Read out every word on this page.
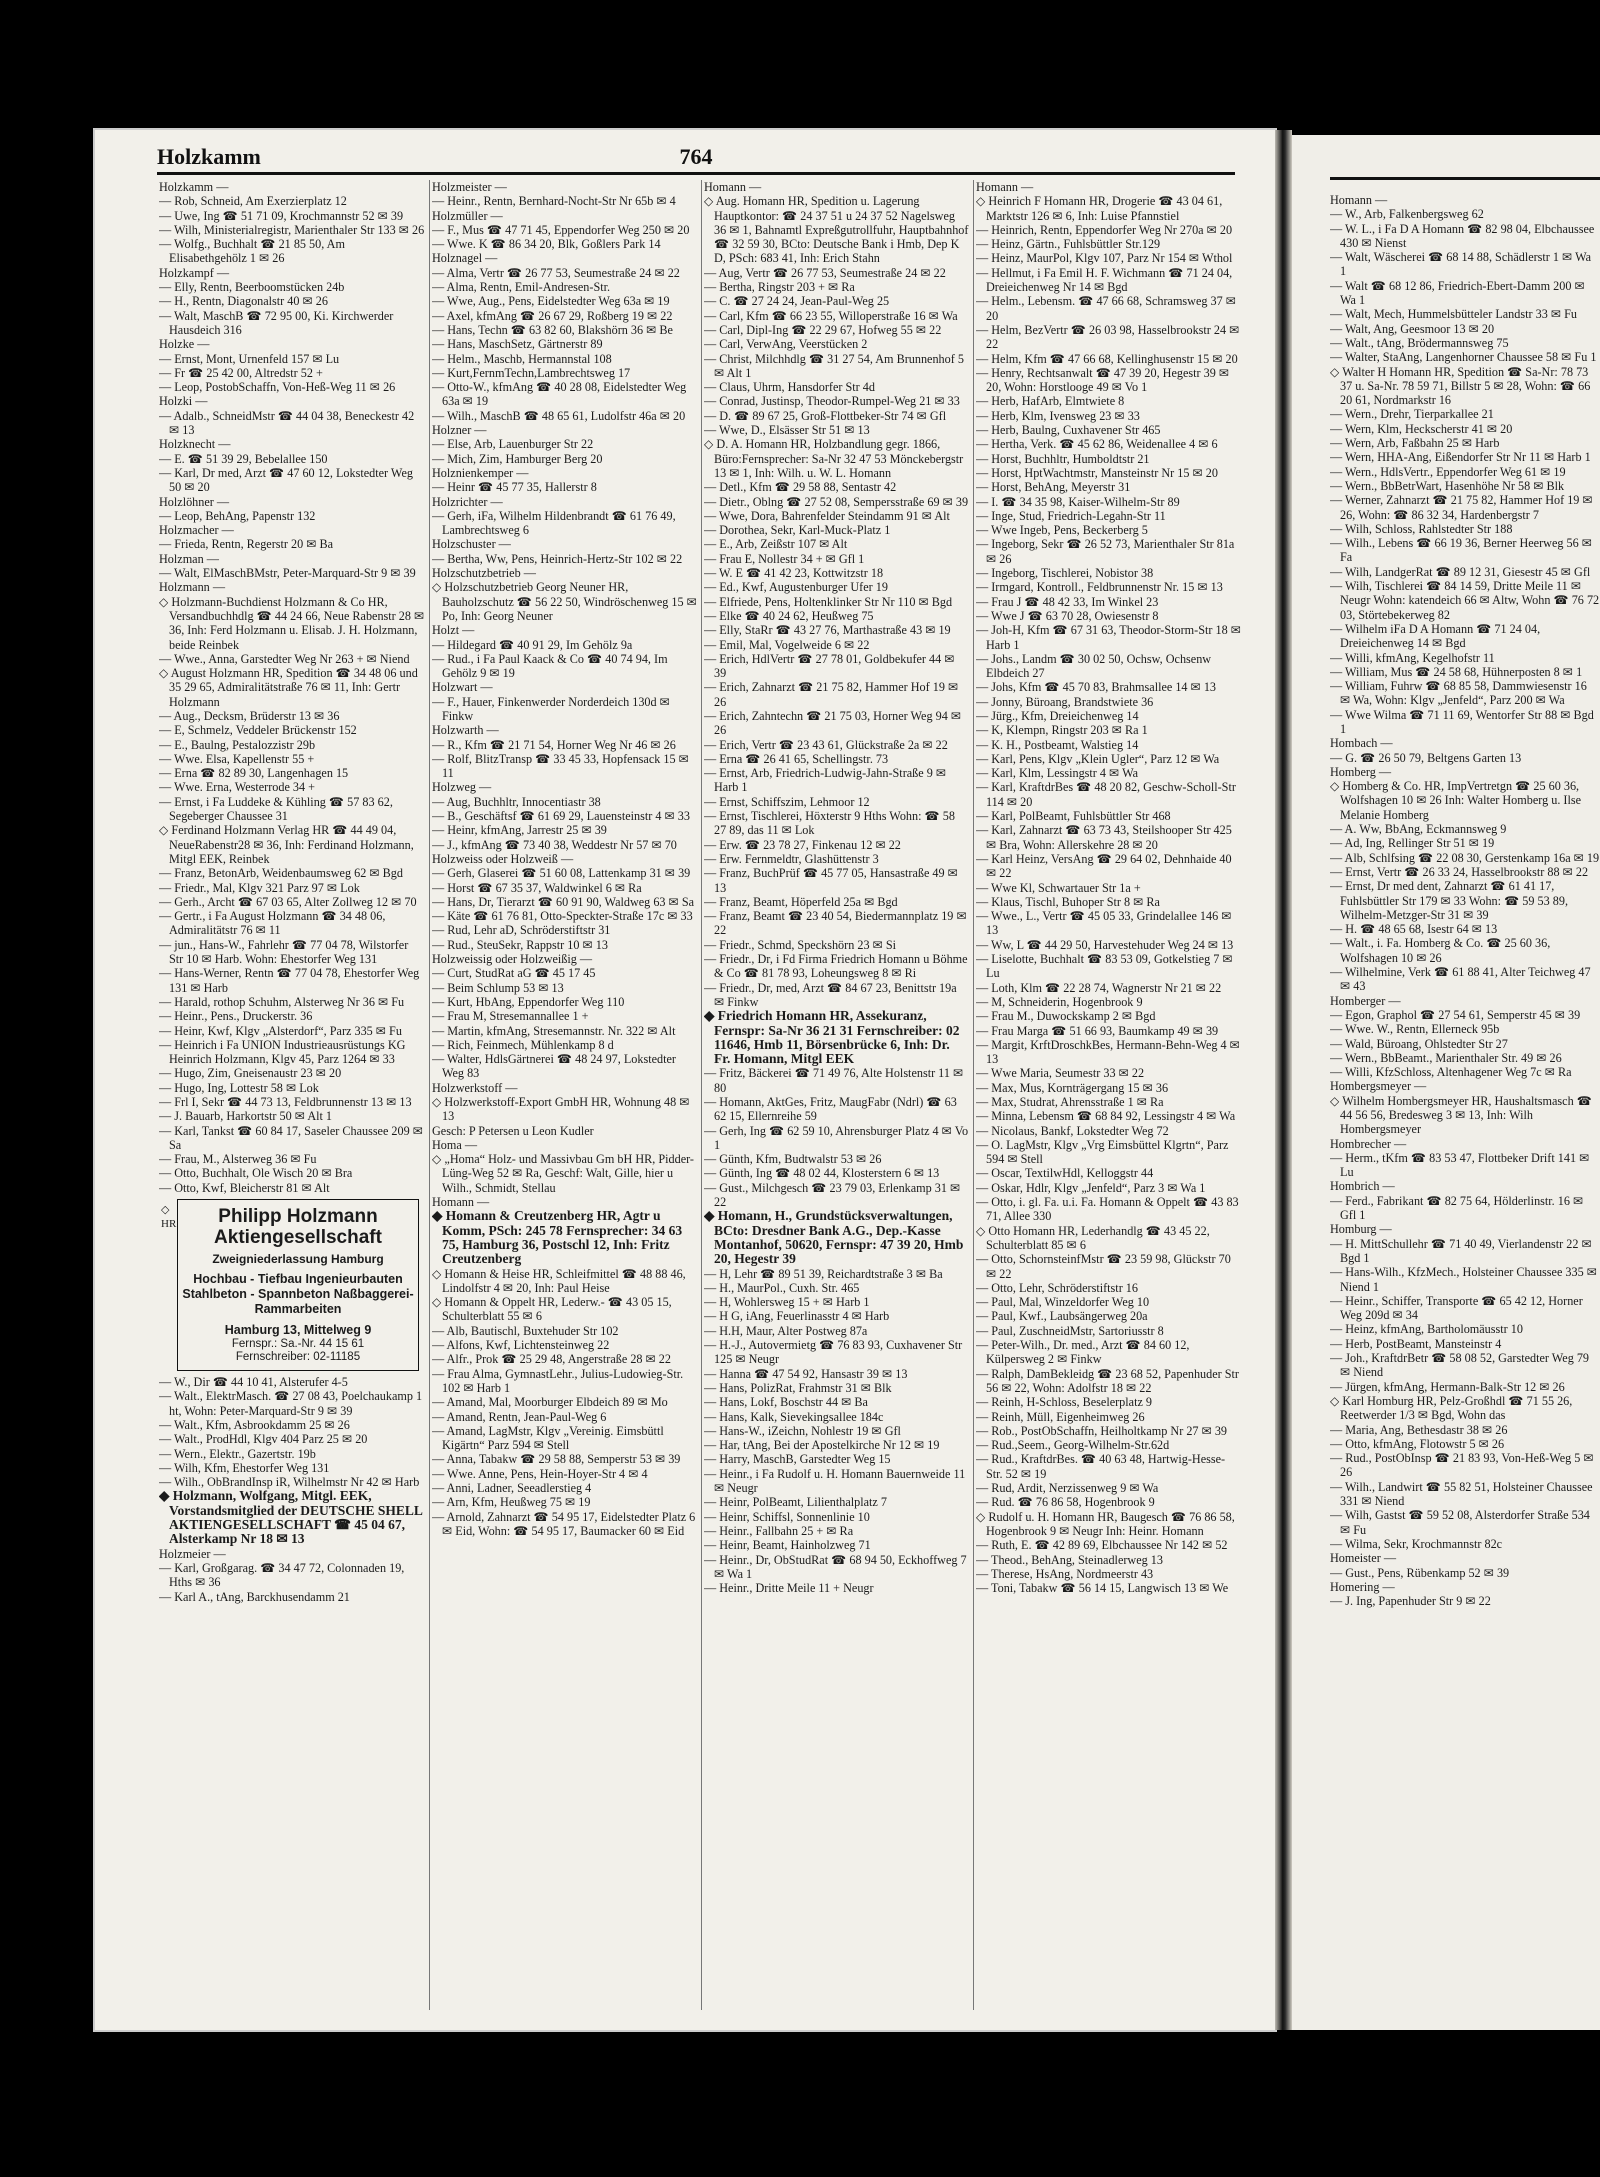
Holzkamm	764
Holzkamm —
— Rob, Schneid, Am Exerzierplatz 12
— Uwe, Ing ☎ 51 71 09, Krochmannstr 52 ✉ 39
— Wilh, Ministerialregistr, Marienthaler Str 133 ✉ 26
— Wolfg., Buchhalt ☎ 21 85 50, Am Elisabethgehölz 1 ✉ 26
Holzkampf —
— Elly, Rentn, Beerboomstücken 24b
— H., Rentn, Diagonalstr 40 ✉ 26
— Walt, MaschB ☎ 72 95 00, Ki. Kirchwerder Hausdeich 316
Holzke —
— Ernst, Mont, Urnenfeld 157 ✉ Lu
— Fr ☎ 25 42 00, Altredstr 52 +
— Leop, PostobSchaffn, Von-Heß-Weg 11 ✉ 26
Holzki —
— Adalb., SchneidMstr ☎ 44 04 38, Beneckestr 42 ✉ 13
Holzknecht —
— E. ☎ 51 39 29, Bebelallee 150
— Karl, Dr med, Arzt ☎ 47 60 12, Lokstedter Weg 50 ✉ 20
Holzlöhner —
— Leop, BehAng, Papenstr 132
Holzmacher —
— Frieda, Rentn, Regerstr 20 ✉ Ba
Holzman —
— Walt, ElMaschBMstr, Peter-Marquard-Str 9 ✉ 39
Holzmann —
◇ Holzmann-Buchdienst Holzmann & Co HR, Versandbuchhdlg ☎ 44 24 66, Neue Rabenstr 28 ✉ 36, Inh: Ferd Holzmann u. Elisab. J. H. Holzmann, beide Reinbek
— Wwe., Anna, Garstedter Weg Nr 263 + ✉ Niend
◇ August Holzmann HR, Spedition ☎ 34 48 06 und 35 29 65, Admiralitätstraße 76 ✉ 11, Inh: Gertr Holzmann
— Aug., Decksm, Brüderstr 13 ✉ 36
— E, Schmelz, Veddeler Brückenstr 152
— E., Baulng, Pestalozzistr 29b
— Wwe. Elsa, Kapellenstr 55 +
— Erna ☎ 82 89 30, Langenhagen 15
— Wwe. Erna, Westerrode 34 +
— Ernst, i Fa Luddeke & Kühling ☎ 57 83 62, Segeberger Chaussee 31
◇ Ferdinand Holzmann Verlag HR ☎ 44 49 04, NeueRabenstr28 ✉ 36, Inh: Ferdinand Holzmann, Mitgl EEK, Reinbek
— Franz, BetonArb, Weidenbaumsweg 62 ✉ Bgd
— Friedr., Mal, Klgv 321 Parz 97 ✉ Lok
— Gerh., Archt ☎ 67 03 65, Alter Zollweg 12 ✉ 70
— Gertr., i Fa August Holzmann ☎ 34 48 06, Admiralitätstr 76 ✉ 11
— jun., Hans-W., Fahrlehr ☎ 77 04 78, Wilstorfer Str 10 ✉ Harb. Wohn: Ehestorfer Weg 131
— Hans-Werner, Rentn ☎ 77 04 78, Ehestorfer Weg 131 ✉ Harb
— Harald, rothop Schuhm, Alsterweg Nr 36 ✉ Fu
— Heinr., Pens., Druckerstr. 36
— Heinr, Kwf, Klgv „Alsterdorf“, Parz 335 ✉ Fu
— Heinrich i Fa UNION Industrieausrüstungs KG Heinrich Holzmann, Klgv 45, Parz 1264 ✉ 33
— Hugo, Zim, Gneisenaustr 23 ✉ 20
— Hugo, Ing, Lottestr 58 ✉ Lok
— Frl I, Sekr ☎ 44 73 13, Feldbrunnenstr 13 ✉ 13
— J. Bauarb, Harkortstr 50 ✉ Alt 1
— Karl, Tankst ☎ 60 84 17, Saseler Chaussee 209 ✉ Sa
— Frau, M., Alsterweg 36 ✉ Fu
— Otto, Buchhalt, Ole Wisch 20 ✉ Bra
— Otto, Kwf, Bleicherstr 81 ✉ Alt
◇ HR	Philipp Holzmann Aktiengesellschaft
Zweigniederlassung Hamburg
Hochbau - Tiefbau Ingenieurbauten Stahlbeton - Spannbeton Naßbaggerei-Rammarbeiten
Hamburg 13, Mittelweg 9
Fernspr.: Sa.-Nr. 44 15 61
Fernschreiber: 02-11185
— W., Dir ☎ 44 10 41, Alsterufer 4-5
— Walt., ElektrMasch. ☎ 27 08 43, Poelchaukamp 1 ht, Wohn: Peter-Marquard-Str 9 ✉ 39
— Walt., Kfm, Asbrookdamm 25 ✉ 26
— Walt., ProdHdl, Klgv 404 Parz 25 ✉ 20
— Wern., Elektr., Gazertstr. 19b
— Wilh, Kfm, Ehestorfer Weg 131
— Wilh., ObBrandInsp iR, Wilhelmstr Nr 42 ✉ Harb
◆ Holzmann, Wolfgang, Mitgl. EEK, Vorstandsmitglied der DEUTSCHE SHELL AKTIENGESELLSCHAFT ☎ 45 04 67, Alsterkamp Nr 18 ✉ 13
Holzmeier —
— Karl, Großgarag. ☎ 34 47 72, Colonnaden 19, Hths ✉ 36
— Karl A., tAng, Barckhusendamm 21
Holzmeister —
— Heinr., Rentn, Bernhard-Nocht-Str Nr 65b ✉ 4
Holzmüller —
— F., Mus ☎ 47 71 45, Eppendorfer Weg 250 ✉ 20
— Wwe. K ☎ 86 34 20, Blk, Goßlers Park 14
Holznagel —
— Alma, Vertr ☎ 26 77 53, Seumestraße 24 ✉ 22
— Alma, Rentn, Emil-Andresen-Str.
— Wwe, Aug., Pens, Eidelstedter Weg 63a ✉ 19
— Axel, kfmAng ☎ 26 67 29, Roßberg 19 ✉ 22
— Hans, Techn ☎ 63 82 60, Blakshörn 36 ✉ Be
— Hans, MaschSetz, Gärtnerstr 89
— Helm., Maschb, Hermannstal 108
— Kurt,FernmTechn,Lambrechtsweg 17
— Otto-W., kfmAng ☎ 40 28 08, Eidelstedter Weg 63a ✉ 19
— Wilh., MaschB ☎ 48 65 61, Ludolfstr 46a ✉ 20
Holzner —
— Else, Arb, Lauenburger Str 22
— Mich, Zim, Hamburger Berg 20
Holznienkemper —
— Heinr ☎ 45 77 35, Hallerstr 8
Holzrichter —
— Gerh, iFa, Wilhelm Hildenbrandt ☎ 61 76 49, Lambrechtsweg 6
Holzschuster —
— Bertha, Ww, Pens, Heinrich-Hertz-Str 102 ✉ 22
Holzschutzbetrieb —
◇ Holzschutzbetrieb Georg Neuner HR, Bauholzschutz ☎ 56 22 50, Windröschenweg 15 ✉ Po, Inh: Georg Neuner
Holzt —
— Hildegard ☎ 40 91 29, Im Gehölz 9a
— Rud., i Fa Paul Kaack & Co ☎ 40 74 94, Im Gehölz 9 ✉ 19
Holzwart —
— F., Hauer, Finkenwerder Norderdeich 130d ✉ Finkw
Holzwarth —
— R., Kfm ☎ 21 71 54, Horner Weg Nr 46 ✉ 26
— Rolf, BlitzTransp ☎ 33 45 33, Hopfensack 15 ✉ 11
Holzweg —
— Aug, Buchhltr, Innocentiastr 38
— B., Geschäftsf ☎ 61 69 29, Lauensteinstr 4 ✉ 33
— Heinr, kfmAng, Jarrestr 25 ✉ 39
— J., kfmAng ☎ 73 40 38, Weddestr Nr 57 ✉ 70
Holzweiss oder Holzweiß —
— Gerh, Glaserei ☎ 51 60 08, Lattenkamp 31 ✉ 39
— Horst ☎ 67 35 37, Waldwinkel 6 ✉ Ra
— Hans, Dr, Tierarzt ☎ 60 91 90, Waldweg 63 ✉ Sa
— Käte ☎ 61 76 81, Otto-Speckter-Straße 17c ✉ 33
— Rud, Lehr aD, Schröderstiftstr 31
— Rud., SteuSekr, Rappstr 10 ✉ 13
Holzweissig oder Holzweißig —
— Curt, StudRat aG ☎ 45 17 45
— Beim Schlump 53 ✉ 13
— Kurt, HbAng, Eppendorfer Weg 110
— Frau M, Stresemannallee 1 +
— Martin, kfmAng, Stresemannstr. Nr. 322 ✉ Alt
— Rich, Feinmech, Mühlenkamp 8 d
— Walter, HdlsGärtnerei ☎ 48 24 97, Lokstedter Weg 83
Holzwerkstoff —
◇ Holzwerkstoff-Export GmbH HR, Wohnung 48 ✉ 13
Gesch: P Petersen u Leon Kudler
Homa —
◇ „Homa“ Holz- und Massivbau Gm bH HR, Pidder-Lüng-Weg 52 ✉ Ra, Geschf: Walt, Gille, hier u Wilh., Schmidt, Stellau
Homann —
◆ Homann & Creutzenberg HR, Agtr u Komm, PSch: 245 78 Fernsprecher: 34 63 75, Hamburg 36, Postschl 12, Inh: Fritz Creutzenberg
◇ Homann & Heise HR, Schleifmittel ☎ 48 88 46, Lindolfstr 4 ✉ 20, Inh: Paul Heise
◇ Homann & Oppelt HR, Lederw.- ☎ 43 05 15, Schulterblatt 55 ✉ 6
— Alb, Bautischl, Buxtehuder Str 102
— Alfons, Kwf, Lichtensteinweg 22
— Alfr., Prok ☎ 25 29 48, Angerstraße 28 ✉ 22
— Frau Alma, GymnastLehr., Julius-Ludowieg-Str. 102 ✉ Harb 1
— Amand, Mal, Moorburger Elbdeich 89 ✉ Mo
— Amand, Rentn, Jean-Paul-Weg 6
— Amand, LagMstr, Klgv „Vereinig. Eimsbüttl Kigärtn“ Parz 594 ✉ Stell
— Anna, Tabakw ☎ 29 58 88, Semperstr 53 ✉ 39
— Wwe. Anne, Pens, Hein-Hoyer-Str 4 ✉ 4
— Anni, Ladner, Seeadlerstieg 4
— Arn, Kfm, Heußweg 75 ✉ 19
— Arnold, Zahnarzt ☎ 54 95 17, Eidelstedter Platz 6 ✉ Eid, Wohn: ☎ 54 95 17, Baumacker 60 ✉ Eid
Homann —
◇ Aug. Homann HR, Spedition u. Lagerung Hauptkontor: ☎ 24 37 51 u 24 37 52 Nagelsweg 36 ✉ 1, Bahnamtl Expreßgutrollfuhr, Hauptbahnhof ☎ 32 59 30, BCto: Deutsche Bank i Hmb, Dep K D, PSch: 683 41, Inh: Erich Stahn
— Aug, Vertr ☎ 26 77 53, Seumestraße 24 ✉ 22
— Bertha, Ringstr 203 + ✉ Ra
— C. ☎ 27 24 24, Jean-Paul-Weg 25
— Carl, Kfm ☎ 66 23 55, Willoperstraße 16 ✉ Wa
— Carl, Dipl-Ing ☎ 22 29 67, Hofweg 55 ✉ 22
— Carl, VerwAng, Veerstücken 2
— Christ, Milchhdlg ☎ 31 27 54, Am Brunnenhof 5 ✉ Alt 1
— Claus, Uhrm, Hansdorfer Str 4d
— Conrad, Justinsp, Theodor-Rumpel-Weg 21 ✉ 33
— D. ☎ 89 67 25, Groß-Flottbeker-Str 74 ✉ Gfl
— Wwe, D., Elsässer Str 51 ✉ 13
◇ D. A. Homann HR, Holzbandlung gegr. 1866, Büro:Fernsprecher: Sa-Nr 32 47 53 Mönckebergstr 13 ✉ 1, Inh: Wilh. u. W. L. Homann
— Detl., Kfm ☎ 29 58 88, Sentastr 42
— Dietr., Oblng ☎ 27 52 08, Sempersstraße 69 ✉ 39
— Wwe, Dora, Bahrenfelder Steindamm 91 ✉ Alt
— Dorothea, Sekr, Karl-Muck-Platz 1
— E., Arb, Zeißstr 107 ✉ Alt
— Frau E, Nollestr 34 + ✉ Gfl 1
— W. E ☎ 41 42 23, Kottwitzstr 18
— Ed., Kwf, Augustenburger Ufer 19
— Elfriede, Pens, Holtenklinker Str Nr 110 ✉ Bgd
— Elke ☎ 40 24 62, Heußweg 75
— Elly, StaRr ☎ 43 27 76, Marthastraße 43 ✉ 19
— Emil, Mal, Vogelweide 6 ✉ 22
— Erich, HdlVertr ☎ 27 78 01, Goldbekufer 44 ✉ 39
— Erich, Zahnarzt ☎ 21 75 82, Hammer Hof 19 ✉ 26
— Erich, Zahntechn ☎ 21 75 03, Horner Weg 94 ✉ 26
— Erich, Vertr ☎ 23 43 61, Glückstraße 2a ✉ 22
— Erna ☎ 26 41 65, Schellingstr. 73
— Ernst, Arb, Friedrich-Ludwig-Jahn-Straße 9 ✉ Harb 1
— Ernst, Schiffszim, Lehmoor 12
— Ernst, Tischlerei, Höxterstr 9 Hths Wohn: ☎ 58 27 89, das 11 ✉ Lok
— Erw. ☎ 23 78 27, Finkenau 12 ✉ 22
— Erw. Fernmeldtr, Glashüttenstr 3
— Franz, BuchPrüf ☎ 45 77 05, Hansastraße 49 ✉ 13
— Franz, Beamt, Höperfeld 25a ✉ Bgd
— Franz, Beamt ☎ 23 40 54, Biedermannplatz 19 ✉ 22
— Friedr., Schmd, Speckshörn 23 ✉ Si
— Friedr., Dr, i Fd Firma Friedrich Homann u Böhme & Co ☎ 81 78 93, Loheungsweg 8 ✉ Ri
— Friedr., Dr, med, Arzt ☎ 84 67 23, Benittstr 19a ✉ Finkw
◆ Friedrich Homann HR, Assekuranz, Fernspr: Sa-Nr 36 21 31 Fernschreiber: 02 11646, Hmb 11, Börsenbrücke 6, Inh: Dr. Fr. Homann, Mitgl EEK
— Fritz, Bäckerei ☎ 71 49 76, Alte Holstenstr 11 ✉ 80
— Homann, AktGes, Fritz, MaugFabr (Ndrl) ☎ 63 62 15, Ellernreihe 59
— Gerh, Ing ☎ 62 59 10, Ahrensburger Platz 4 ✉ Vo 1
— Günth, Kfm, Budtwalstr 53 ✉ 26
— Günth, Ing ☎ 48 02 44, Klosterstern 6 ✉ 13
— Gust., Milchgesch ☎ 23 79 03, Erlenkamp 31 ✉ 22
◆ Homann, H., Grundstücksverwaltungen, BCto: Dresdner Bank A.G., Dep.-Kasse Montanhof, 50620, Fernspr: 47 39 20, Hmb 20, Hegestr 39
— H, Lehr ☎ 89 51 39, Reichardtstraße 3 ✉ Ba
— H., MaurPol., Cuxh. Str. 465
— H, Wohlersweg 15 + ✉ Harb 1
— H G, iAng, Feuerlinasstr 4 ✉ Harb
— H.H, Maur, Alter Postweg 87a
— H.-J., Autovermietg ☎ 76 83 93, Cuxhavener Str 125 ✉ Neugr
— Hanna ☎ 47 54 92, Hansastr 39 ✉ 13
— Hans, PolizRat, Frahmstr 31 ✉ Blk
— Hans, Lokf, Boschstr 44 ✉ Ba
— Hans, Kalk, Sievekingsallee 184c
— Hans-W., iZeichn, Nohlestr 19 ✉ Gfl
— Har, tAng, Bei der Apostelkirche Nr 12 ✉ 19
— Harry, MaschB, Garstedter Weg 15
— Heinr., i Fa Rudolf u. H. Homann Bauernweide 11 ✉ Neugr
— Heinr, PolBeamt, Lilienthalplatz 7
— Heinr, Schiffsl, Sonnenlinie 10
— Heinr., Fallbahn 25 + ✉ Ra
— Heinr, Beamt, Hainholzweg 71
— Heinr., Dr, ObStudRat ☎ 68 94 50, Eckhoffweg 7 ✉ Wa 1
— Heinr., Dritte Meile 11 + Neugr
Homann —
◇ Heinrich F Homann HR, Drogerie ☎ 43 04 61, Marktstr 126 ✉ 6, Inh: Luise Pfannstiel
— Heinrich, Rentn, Eppendorfer Weg Nr 270a ✉ 20
— Heinz, Gärtn., Fuhlsbüttler Str.129
— Heinz, MaurPol, Klgv 107, Parz Nr 154 ✉ Wthol
— Hellmut, i Fa Emil H. F. Wichmann ☎ 71 24 04, Dreieichenweg Nr 14 ✉ Bgd
— Helm., Lebensm. ☎ 47 66 68, Schramsweg 37 ✉ 20
— Helm, BezVertr ☎ 26 03 98, Hasselbrookstr 24 ✉ 22
— Helm, Kfm ☎ 47 66 68, Kellinghusenstr 15 ✉ 20
— Henry, Rechtsanwalt ☎ 47 39 20, Hegestr 39 ✉ 20, Wohn: Horstlooge 49 ✉ Vo 1
— Herb, HafArb, Elmtwiete 8
— Herb, Klm, Ivensweg 23 ✉ 33
— Herb, Baulng, Cuxhavener Str 465
— Hertha, Verk. ☎ 45 62 86, Weidenallee 4 ✉ 6
— Horst, Buchhltr, Humboldtstr 21
— Horst, HptWachtmstr, Mansteinstr Nr 15 ✉ 20
— Horst, BehAng, Meyerstr 31
— I. ☎ 34 35 98, Kaiser-Wilhelm-Str 89
— Inge, Stud, Friedrich-Legahn-Str 11
— Wwe Ingeb, Pens, Beckerberg 5
— Ingeborg, Sekr ☎ 26 52 73, Marienthaler Str 81a ✉ 26
— Ingeborg, Tischlerei, Nobistor 38
— Irmgard, Kontroll., Feldbrunnenstr Nr. 15 ✉ 13
— Frau J ☎ 48 42 33, Im Winkel 23
— Wwe J ☎ 63 70 28, Owiesenstr 8
— Joh-H, Kfm ☎ 67 31 63, Theodor-Storm-Str 18 ✉ Harb 1
— Johs., Landm ☎ 30 02 50, Ochsw, Ochsenw Elbdeich 27
— Johs, Kfm ☎ 45 70 83, Brahmsallee 14 ✉ 13
— Jonny, Büroang, Brandstwiete 36
— Jürg., Kfm, Dreieichenweg 14
— K, Klempn, Ringstr 203 ✉ Ra 1
— K. H., Postbeamt, Walstieg 14
— Karl, Pens, Klgv „Klein Ugler“, Parz 12 ✉ Wa
— Karl, Klm, Lessingstr 4 ✉ Wa
— Karl, KraftdrBes ☎ 48 20 82, Geschw-Scholl-Str 114 ✉ 20
— Karl, PolBeamt, Fuhlsbüttler Str 468
— Karl, Zahnarzt ☎ 63 73 43, Steilshooper Str 425 ✉ Bra, Wohn: Allerskehre 28 ✉ 20
— Karl Heinz, VersAng ☎ 29 64 02, Dehnhaide 40 ✉ 22
— Wwe Kl, Schwartauer Str 1a +
— Klaus, Tischl, Buhoper Str 8 ✉ Ra
— Wwe., L., Vertr ☎ 45 05 33, Grindelallee 146 ✉ 13
— Ww, L ☎ 44 29 50, Harvestehuder Weg 24 ✉ 13
— Liselotte, Buchhalt ☎ 83 53 09, Gotkelstieg 7 ✉ Lu
— Loth, Klm ☎ 22 28 74, Wagnerstr Nr 21 ✉ 22
— M, Schneiderin, Hogenbrook 9
— Frau M., Duwockskamp 2 ✉ Bgd
— Frau Marga ☎ 51 66 93, Baumkamp 49 ✉ 39
— Margit, KrftDroschkBes, Hermann-Behn-Weg 4 ✉ 13
— Wwe Maria, Seumestr 33 ✉ 22
— Max, Mus, Kornträgergang 15 ✉ 36
— Max, Studrat, Ahrensstraße 1 ✉ Ra
— Minna, Lebensm ☎ 68 84 92, Lessingstr 4 ✉ Wa
— Nicolaus, Bankf, Lokstedter Weg 72
— O. LagMstr, Klgv „Vrg Eimsbüttel Klgrtn“, Parz 594 ✉ Stell
— Oscar, TextilwHdl, Kelloggstr 44
— Oskar, Hdlr, Klgv „Jenfeld“, Parz 3 ✉ Wa 1
— Otto, i. gl. Fa. u.i. Fa. Homann & Oppelt ☎ 43 83 71, Allee 330
◇ Otto Homann HR, Lederhandlg ☎ 43 45 22, Schulterblatt 85 ✉ 6
— Otto, SchornsteinfMstr ☎ 23 59 98, Glückstr 70 ✉ 22
— Otto, Lehr, Schröderstiftstr 16
— Paul, Mal, Winzeldorfer Weg 10
— Paul, Kwf., Laubsängerweg 20a
— Paul, ZuschneidMstr, Sartoriusstr 8
— Peter-Wilh., Dr. med., Arzt ☎ 84 60 12, Külpersweg 2 ✉ Finkw
— Ralph, DamBekleidg ☎ 23 68 52, Papenhuder Str 56 ✉ 22, Wohn: Adolfstr 18 ✉ 22
— Reinh, H-Schloss, Beselerplatz 9
— Reinh, Müll, Eigenheimweg 26
— Rob., PostObSchaffn, Heilholtkamp Nr 27 ✉ 39
— Rud.,Seem., Georg-Wilhelm-Str.62d
— Rud., KraftdrBes. ☎ 40 63 48, Hartwig-Hesse-Str. 52 ✉ 19
— Rud, Ardit, Nerzissenweg 9 ✉ Wa
— Rud. ☎ 76 86 58, Hogenbrook 9
◇ Rudolf u. H. Homann HR, Baugesch ☎ 76 86 58, Hogenbrook 9 ✉ Neugr Inh: Heinr. Homann
— Ruth, E. ☎ 42 89 69, Elbchaussee Nr 142 ✉ 52
— Theod., BehAng, Steinadlerweg 13
— Therese, HsAng, Nordmeerstr 43
— Toni, Tabakw ☎ 56 14 15, Langwisch 13 ✉ We
Homann —
— W., Arb, Falkenbergsweg 62
— W. L., i Fa D A Homann ☎ 82 98 04, Elbchaussee 430 ✉ Nienst
— Walt, Wäscherei ☎ 68 14 88, Schädlerstr 1 ✉ Wa 1
— Walt ☎ 68 12 86, Friedrich-Ebert-Damm 200 ✉ Wa 1
— Walt, Mech, Hummelsbütteler Landstr 33 ✉ Fu
— Walt, Ang, Geesmoor 13 ✉ 20
— Walt., tAng, Brödermannsweg 75
— Walter, StaAng, Langenhorner Chaussee 58 ✉ Fu 1
◇ Walter H Homann HR, Spedition ☎ Sa-Nr: 78 73 37 u. Sa-Nr. 78 59 71, Billstr 5 ✉ 28, Wohn: ☎ 66 20 61, Nordmarkstr 16
— Wern., Drehr, Tierparkallee 21
— Wern, Klm, Heckscherstr 41 ✉ 20
— Wern, Arb, Faßbahn 25 ✉ Harb
— Wern, HHA-Ang, Eißendorfer Str Nr 11 ✉ Harb 1
— Wern., HdlsVertr., Eppendorfer Weg 61 ✉ 19
— Wern., BbBetrWart, Hasenhöhe Nr 58 ✉ Blk
— Werner, Zahnarzt ☎ 21 75 82, Hammer Hof 19 ✉ 26, Wohn: ☎ 86 32 34, Hardenbergstr 7
— Wilh, Schloss, Rahlstedter Str 188
— Wilh., Lebens ☎ 66 19 36, Berner Heerweg 56 ✉ Fa
— Wilh, LandgerRat ☎ 89 12 31, Giesestr 45 ✉ Gfl
— Wilh, Tischlerei ☎ 84 14 59, Dritte Meile 11 ✉ Neugr Wohn: katendeich 66 ✉ Altw, Wohn ☎ 76 72 03, Störtebekerweg 82
— Wilhelm iFa D A Homann ☎ 71 24 04, Dreieichenweg 14 ✉ Bgd
— Willi, kfmAng, Kegelhofstr 11
— William, Mus ☎ 24 58 68, Hühnerposten 8 ✉ 1
— William, Fuhrw ☎ 68 85 58, Dammwiesenstr 16 ✉ Wa, Wohn: Klgv „Jenfeld“, Parz 200 ✉ Wa
— Wwe Wilma ☎ 71 11 69, Wentorfer Str 88 ✉ Bgd 1
Hombach —
— G. ☎ 26 50 79, Beltgens Garten 13
Homberg —
◇ Homberg & Co. HR, ImpVertretgn ☎ 25 60 36, Wolfshagen 10 ✉ 26 Inh: Walter Homberg u. Ilse Melanie Homberg
— A. Ww, BbAng, Eckmannsweg 9
— Ad, Ing, Rellinger Str 51 ✉ 19
— Alb, Schlfsing ☎ 22 08 30, Gerstenkamp 16a ✉ 19
— Ernst, Vertr ☎ 26 33 24, Hasselbrookstr 88 ✉ 22
— Ernst, Dr med dent, Zahnarzt ☎ 61 41 17, Fuhlsbüttler Str 179 ✉ 33 Wohn: ☎ 59 53 89, Wilhelm-Metzger-Str 31 ✉ 39
— H. ☎ 48 65 68, Isestr 64 ✉ 13
— Walt., i. Fa. Homberg & Co. ☎ 25 60 36, Wolfshagen 10 ✉ 26
— Wilhelmine, Verk ☎ 61 88 41, Alter Teichweg 47 ✉ 43
Homberger —
— Egon, Graphol ☎ 27 54 61, Semperstr 45 ✉ 39
— Wwe. W., Rentn, Ellerneck 95b
— Wald, Büroang, Ohlstedter Str 27
— Wern., BbBeamt., Marienthaler Str. 49 ✉ 26
— Willi, KfzSchloss, Altenhagener Weg 7c ✉ Ra
Hombergsmeyer —
◇ Wilhelm Hombergsmeyer HR, Haushaltsmasch ☎ 44 56 56, Bredesweg 3 ✉ 13, Inh: Wilh Hombergsmeyer
Hombrecher —
— Herm., tKfm ☎ 83 53 47, Flottbeker Drift 141 ✉ Lu
Hombrich —
— Ferd., Fabrikant ☎ 82 75 64, Hölderlinstr. 16 ✉ Gfl 1
Homburg —
— H. MittSchullehr ☎ 71 40 49, Vierlandenstr 22 ✉ Bgd 1
— Hans-Wilh., KfzMech., Holsteiner Chaussee 335 ✉ Niend 1
— Heinr., Schiffer, Transporte ☎ 65 42 12, Horner Weg 209d ✉ 34
— Heinz, kfmAng, Bartholomäusstr 10
— Herb, PostBeamt, Mansteinstr 4
— Joh., KraftdrBetr ☎ 58 08 52, Garstedter Weg 79 ✉ Niend
— Jürgen, kfmAng, Hermann-Balk-Str 12 ✉ 26
◇ Karl Homburg HR, Pelz-Großhdl ☎ 71 55 26, Reetwerder 1/3 ✉ Bgd, Wohn das
— Maria, Ang, Bethesdastr 38 ✉ 26
— Otto, kfmAng, Flotowstr 5 ✉ 26
— Rud., PostObInsp ☎ 21 83 93, Von-Heß-Weg 5 ✉ 26
— Wilh., Landwirt ☎ 55 82 51, Holsteiner Chaussee 331 ✉ Niend
— Wilh, Gastst ☎ 59 52 08, Alsterdorfer Straße 534 ✉ Fu
— Wilma, Sekr, Krochmannstr 82c
Homeister —
— Gust., Pens, Rübenkamp 52 ✉ 39
Homering —
— J. Ing, Papenhuder Str 9 ✉ 22
